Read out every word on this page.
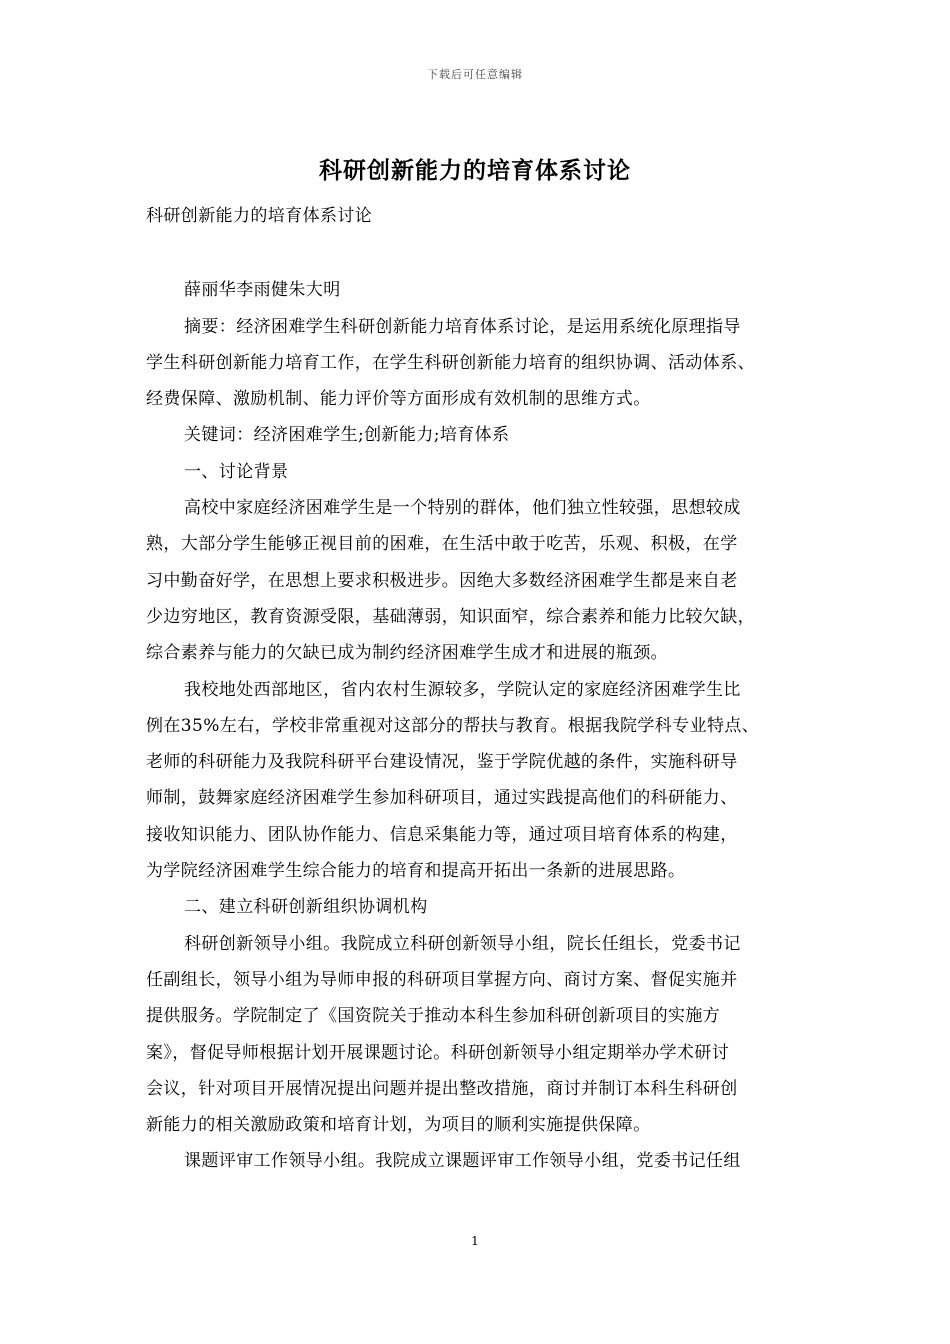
下载后可任意编辑
科研创新能力的培育体系讨论
科研创新能力的培育体系讨论
薛丽华李雨健朱大明
摘要：经济困难学生科研创新能力培育体系讨论，是运用系统化原理指导
学生科研创新能力培育工作，在学生科研创新能力培育的组织协调、活动体系、
经费保障、激励机制、能力评价等方面形成有效机制的思维方式。
关键词：经济困难学生;创新能力;培育体系
一、讨论背景
高校中家庭经济困难学生是一个特别的群体，他们独立性较强，思想较成
熟，大部分学生能够正视目前的困难，在生活中敢于吃苦，乐观、积极，在学
习中勤奋好学，在思想上要求积极进步。因绝大多数经济困难学生都是来自老
少边穷地区，教育资源受限，基础薄弱，知识面窄，综合素养和能力比较欠缺，
综合素养与能力的欠缺已成为制约经济困难学生成才和进展的瓶颈。
我校地处西部地区，省内农村生源较多，学院认定的家庭经济困难学生比
例在35%左右，学校非常重视对这部分的帮扶与教育。根据我院学科专业特点、
老师的科研能力及我院科研平台建设情况，鉴于学院优越的条件，实施科研导
师制，鼓舞家庭经济困难学生参加科研项目，通过实践提高他们的科研能力、
接收知识能力、团队协作能力、信息采集能力等，通过项目培育体系的构建，
为学院经济困难学生综合能力的培育和提高开拓出一条新的进展思路。
二、建立科研创新组织协调机构
科研创新领导小组。我院成立科研创新领导小组，院长任组长，党委书记
任副组长，领导小组为导师申报的科研项目掌握方向、商讨方案、督促实施并
提供服务。学院制定了《国资院关于推动本科生参加科研创新项目的实施方
案》，督促导师根据计划开展课题讨论。科研创新领导小组定期举办学术研讨
会议，针对项目开展情况提出问题并提出整改措施，商讨并制订本科生科研创
新能力的相关激励政策和培育计划，为项目的顺利实施提供保障。
课题评审工作领导小组。我院成立课题评审工作领导小组，党委书记任组
1
